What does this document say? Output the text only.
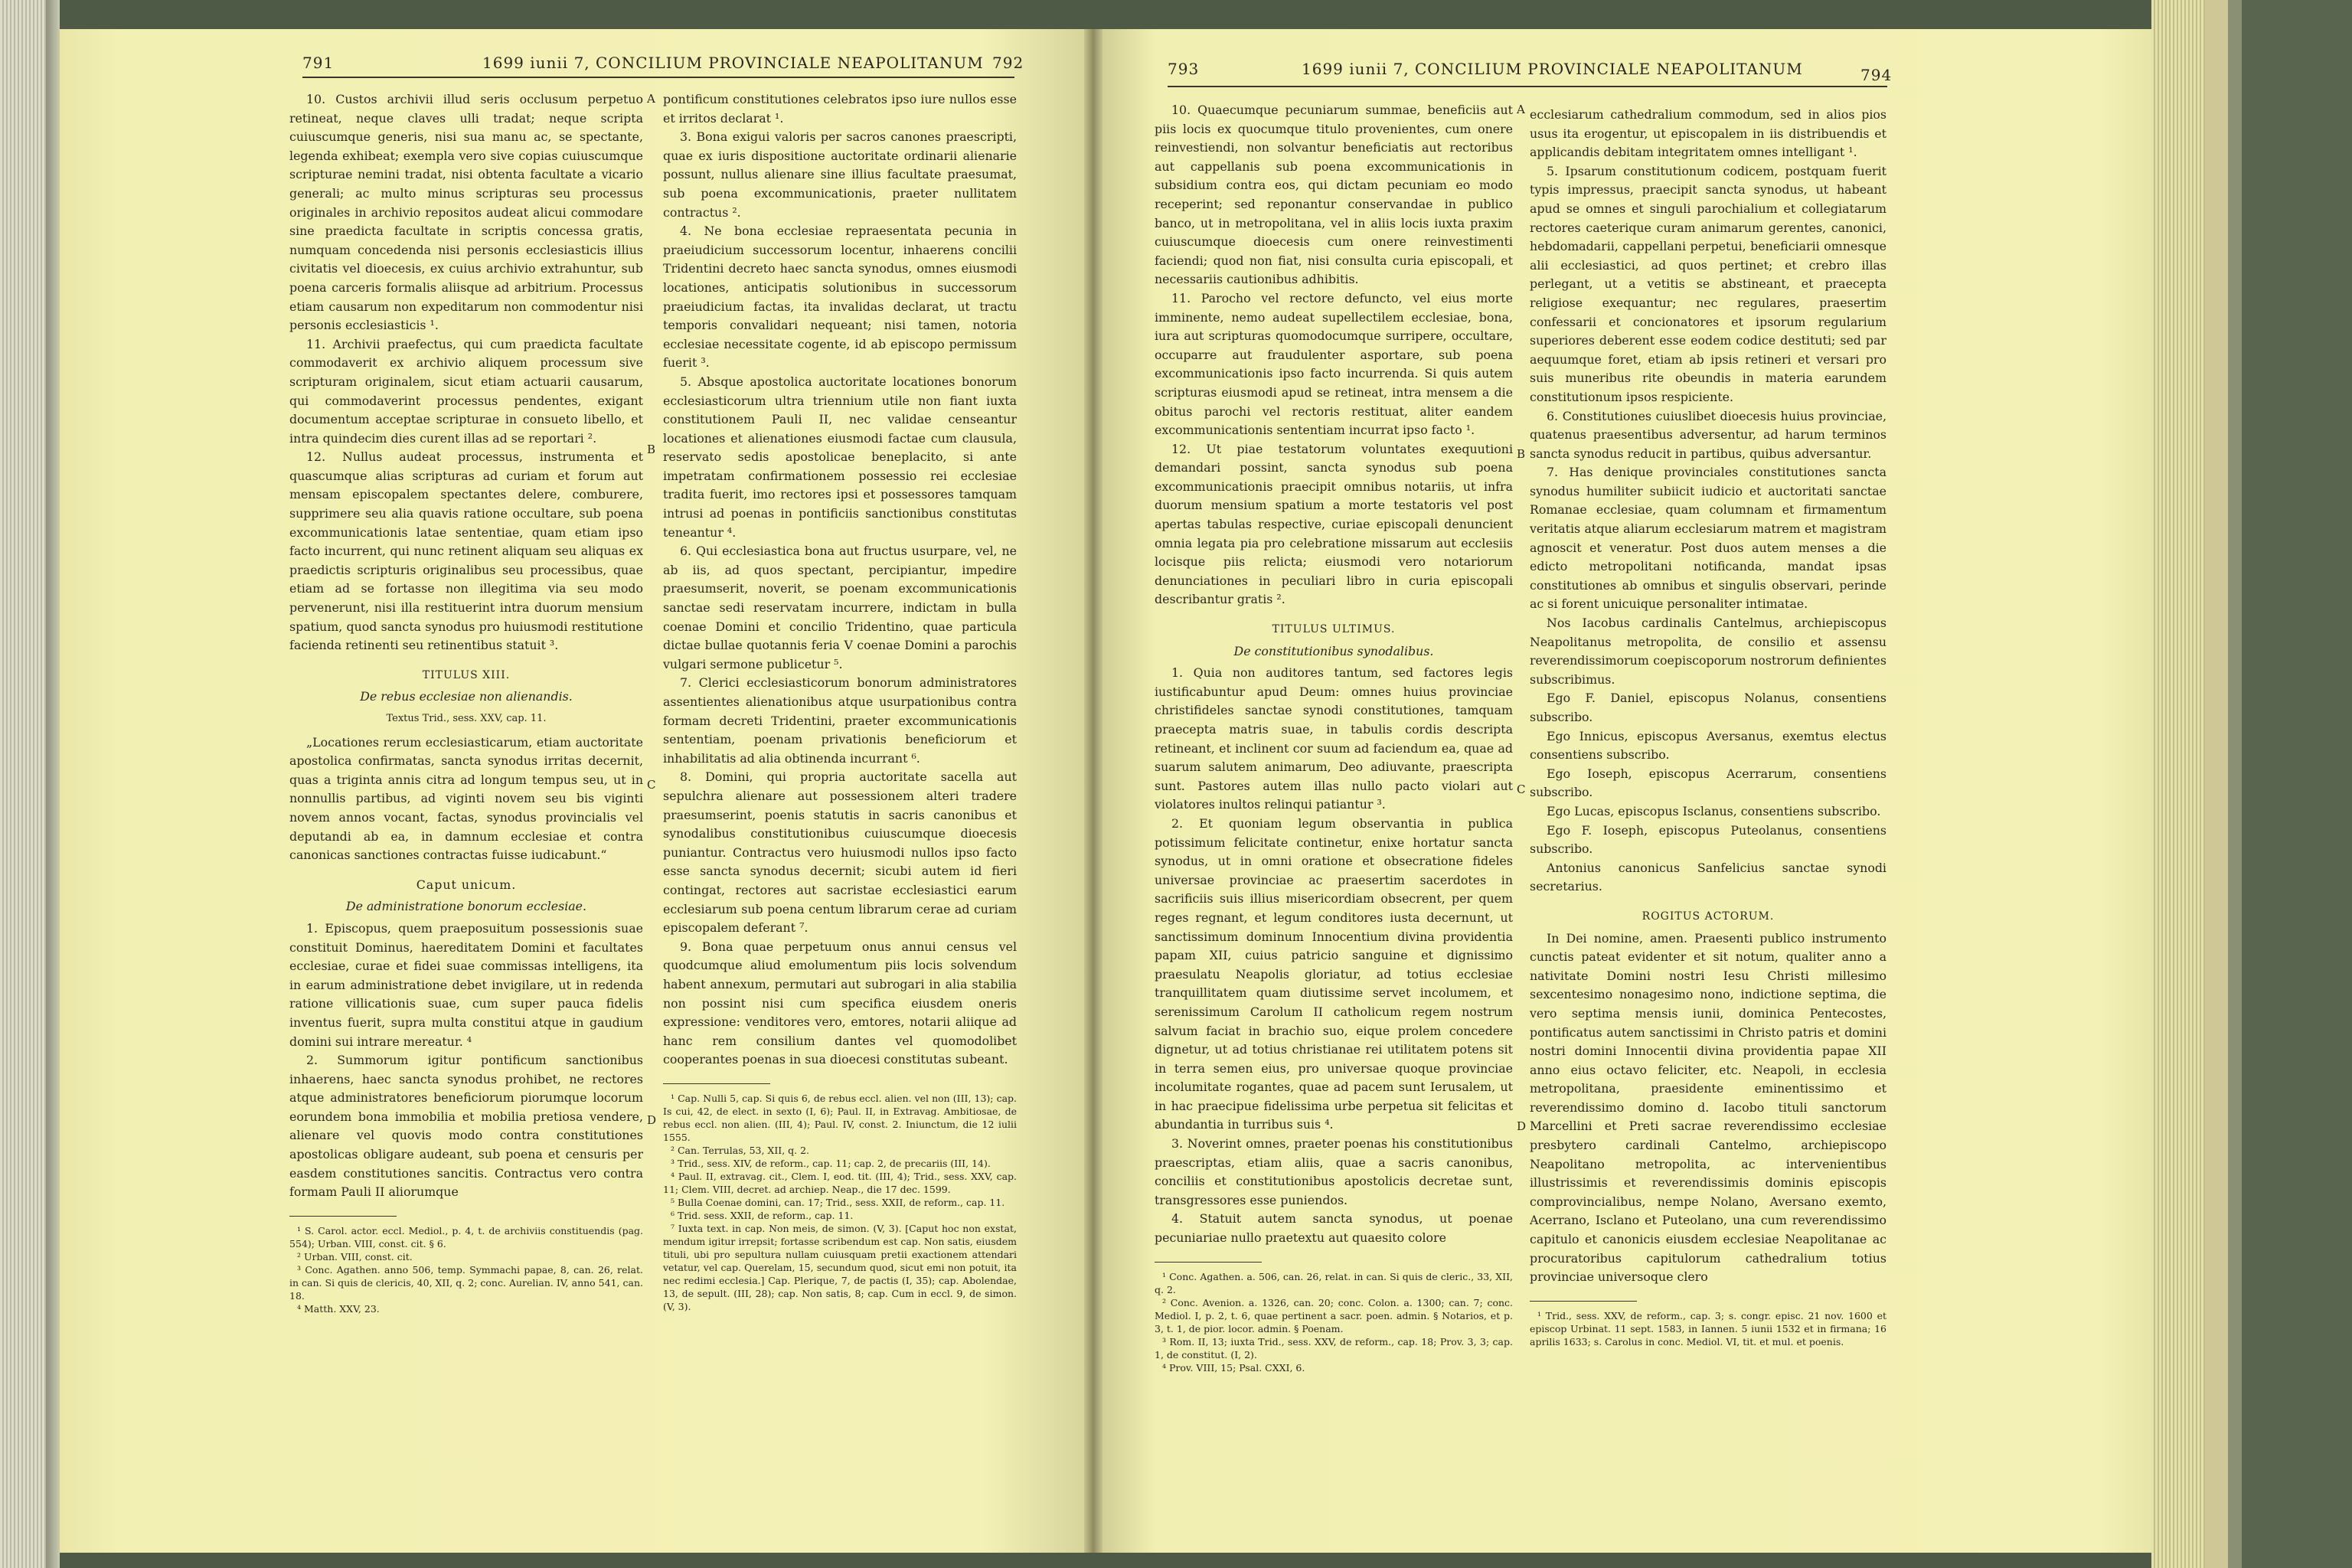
791	1699 iunii 7, CONCILIUM PROVINCIALE NEAPOLITANUM 792	793	1699 iunii 7, CONCILIUM PROVINCIALE NEAPOLITANUM	794
A
B
C
D
A
B
C
D

10. Custos archivii illud seris occlusum perpetuo retineat, neque claves ulli tradat; neque scripta cuiuscumque generis, nisi sua manu ac, se spectante, legenda exhibeat; exempla vero sive copias cuiuscumque scripturae nemini tradat, nisi obtenta facultate a vicario generali; ac multo minus scripturas seu processus originales in archivio repositos audeat alicui commodare sine praedicta facultate in scriptis concessa gratis, numquam concedenda nisi personis ecclesiasticis illius civitatis vel dioecesis, ex cuius archivio extrahuntur, sub poena carceris formalis aliisque ad arbitrium. Processus etiam causarum non expeditarum non commodentur nisi personis ecclesiasticis ¹.

11. Archivii praefectus, qui cum praedicta facultate commodaverit ex archivio aliquem processum sive scripturam originalem, sicut etiam actuarii causarum, qui commodaverint processus pendentes, exigant documentum acceptae scripturae in consueto libello, et intra quindecim dies curent illas ad se reportari ².

12. Nullus audeat processus, instrumenta et quascumque alias scripturas ad curiam et forum aut mensam episcopalem spectantes delere, comburere, supprimere seu alia quavis ratione occultare, sub poena excommunicationis latae sententiae, quam etiam ipso facto incurrent, qui nunc retinent aliquam seu aliquas ex praedictis scripturis originalibus seu processibus, quae etiam ad se fortasse non illegitima via seu modo pervenerunt, nisi illa restituerint intra duorum mensium spatium, quod sancta synodus pro huiusmodi restitutione facienda retinenti seu retinentibus statuit ³.

TITULUS XIII.

De rebus ecclesiae non alienandis.

Textus Trid., sess. XXV, cap. 11.

„Locationes rerum ecclesiasticarum, etiam auctoritate apostolica confirmatas, sancta synodus irritas decernit, quas a triginta annis citra ad longum tempus seu, ut in nonnullis partibus, ad viginti novem seu bis viginti novem annos vocant, factas, synodus provincialis vel deputandi ab ea, in damnum ecclesiae et contra canonicas sanctiones contractas fuisse iudicabunt.“

Caput unicum.

De administratione bonorum ecclesiae.

1. Episcopus, quem praeposuitum possessionis suae constituit Dominus, haereditatem Domini et facultates ecclesiae, curae et fidei suae commissas intelligens, ita in earum administratione debet invigilare, ut in redenda ratione villicationis suae, cum super pauca fidelis inventus fuerit, supra multa constitui atque in gaudium domini sui intrare mereatur. ⁴

2. Summorum igitur pontificum sanctionibus inhaerens, haec sancta synodus prohibet, ne rectores atque administratores beneficiorum piorumque locorum eorundem bona immobilia et mobilia pretiosa vendere, alienare vel quovis modo contra constitutiones apostolicas obligare audeant, sub poena et censuris per easdem constitutiones sancitis. Contractus vero contra formam Pauli II aliorumque

¹ S. Carol. actor. eccl. Mediol., p. 4, t. de archiviis constituendis (pag. 554); Urban. VIII, const. cit. § 6.

² Urban. VIII, const. cit.

³ Conc. Agathen. anno 506, temp. Symmachi papae, 8, can. 26, relat. in can. Si quis de clericis, 40, XII, q. 2; conc. Aurelian. IV, anno 541, can. 18.

⁴ Matth. XXV, 23.

pontificum constitutiones celebratos ipso iure nullos esse et irritos declarat ¹.

3. Bona exigui valoris per sacros canones praescripti, quae ex iuris dispositione auctoritate ordinarii alienarie possunt, nullus alienare sine illius facultate praesumat, sub poena excommunicationis, praeter nullitatem contractus ².

4. Ne bona ecclesiae repraesentata pecunia in praeiudicium successorum locentur, inhaerens concilii Tridentini decreto haec sancta synodus, omnes eiusmodi locationes, anticipatis solutionibus in successorum praeiudicium factas, ita invalidas declarat, ut tractu temporis convalidari nequeant; nisi tamen, notoria ecclesiae necessitate cogente, id ab episcopo permissum fuerit ³.

5. Absque apostolica auctoritate locationes bonorum ecclesiasticorum ultra triennium utile non fiant iuxta constitutionem Pauli II, nec validae censeantur locationes et alienationes eiusmodi factae cum clausula, reservato sedis apostolicae beneplacito, si ante impetratam confirmationem possessio rei ecclesiae tradita fuerit, imo rectores ipsi et possessores tamquam intrusi ad poenas in pontificiis sanctionibus constitutas teneantur ⁴.

6. Qui ecclesiastica bona aut fructus usurpare, vel, ne ab iis, ad quos spectant, percipiantur, impedire praesumserit, noverit, se poenam excommunicationis sanctae sedi reservatam incurrere, indictam in bulla coenae Domini et concilio Tridentino, quae particula dictae bullae quotannis feria V coenae Domini a parochis vulgari sermone publicetur ⁵.

7. Clerici ecclesiasticorum bonorum administratores assentientes alienationibus atque usurpationibus contra formam decreti Tridentini, praeter excommunicationis sententiam, poenam privationis beneficiorum et inhabilitatis ad alia obtinenda incurrant ⁶.

8. Domini, qui propria auctoritate sacella aut sepulchra alienare aut possessionem alteri tradere praesumserint, poenis statutis in sacris canonibus et synodalibus constitutionibus cuiuscumque dioecesis puniantur. Contractus vero huiusmodi nullos ipso facto esse sancta synodus decernit; sicubi autem id fieri contingat, rectores aut sacristae ecclesiastici earum ecclesiarum sub poena centum librarum cerae ad curiam episcopalem deferant ⁷.

9. Bona quae perpetuum onus annui census vel quodcumque aliud emolumentum piis locis solvendum habent annexum, permutari aut subrogari in alia stabilia non possint nisi cum specifica eiusdem oneris expressione: venditores vero, emtores, notarii aliique ad hanc rem consilium dantes vel quomodolibet cooperantes poenas in sua dioecesi constitutas subeant.

¹ Cap. Nulli 5, cap. Si quis 6, de rebus eccl. alien. vel non (III, 13); cap. Is cui, 42, de elect. in sexto (I, 6); Paul. II, in Extravag. Ambitiosae, de rebus eccl. non alien. (III, 4); Paul. IV, const. 2. Iniunctum, die 12 iulii 1555.

² Can. Terrulas, 53, XII, q. 2.

³ Trid., sess. XIV, de reform., cap. 11; cap. 2, de precariis (III, 14).

⁴ Paul. II, extravag. cit., Clem. I, eod. tit. (III, 4); Trid., sess. XXV, cap. 11; Clem. VIII, decret. ad archiep. Neap., die 17 dec. 1599.

⁵ Bulla Coenae domini, can. 17; Trid., sess. XXII, de reform., cap. 11.

⁶ Trid. sess. XXII, de reform., cap. 11.

⁷ Iuxta text. in cap. Non meis, de simon. (V, 3). [Caput hoc non exstat, mendum igitur irrepsit; fortasse scribendum est cap. Non satis, eiusdem tituli, ubi pro sepultura nullam cuiusquam pretii exactionem attendari vetatur, vel cap. Querelam, 15, secundum quod, sicut emi non potuit, ita nec redimi ecclesia.] Cap. Plerique, 7, de pactis (I, 35); cap. Abolendae, 13, de sepult. (III, 28); cap. Non satis, 8; cap. Cum in eccl. 9, de simon. (V, 3).

10. Quaecumque pecuniarum summae, beneficiis aut piis locis ex quocumque titulo provenientes, cum onere reinvestiendi, non solvantur beneficiatis aut rectoribus aut cappellanis sub poena excommunicationis in subsidium contra eos, qui dictam pecuniam eo modo receperint; sed reponantur conservandae in publico banco, ut in metropolitana, vel in aliis locis iuxta praxim cuiuscumque dioecesis cum onere reinvestimenti faciendi; quod non fiat, nisi consulta curia episcopali, et necessariis cautionibus adhibitis.

11. Parocho vel rectore defuncto, vel eius morte imminente, nemo audeat supellectilem ecclesiae, bona, iura aut scripturas quomodocumque surripere, occultare, occuparre aut fraudulenter asportare, sub poena excommunicationis ipso facto incurrenda. Si quis autem scripturas eiusmodi apud se retineat, intra mensem a die obitus parochi vel rectoris restituat, aliter eandem excommunicationis sententiam incurrat ipso facto ¹.

12. Ut piae testatorum voluntates exequutioni demandari possint, sancta synodus sub poena excommunicationis praecipit omnibus notariis, ut infra duorum mensium spatium a morte testatoris vel post apertas tabulas respective, curiae episcopali denuncient omnia legata pia pro celebratione missarum aut ecclesiis locisque piis relicta; eiusmodi vero notariorum denunciationes in peculiari libro in curia episcopali describantur gratis ².

TITULUS ULTIMUS.

De constitutionibus synodalibus.

1. Quia non auditores tantum, sed factores legis iustificabuntur apud Deum: omnes huius provinciae christifideles sanctae synodi constitutiones, tamquam praecepta matris suae, in tabulis cordis descripta retineant, et inclinent cor suum ad faciendum ea, quae ad suarum salutem animarum, Deo adiuvante, praescripta sunt. Pastores autem illas nullo pacto violari aut violatores inultos relinqui patiantur ³.

2. Et quoniam legum observantia in publica potissimum felicitate continetur, enixe hortatur sancta synodus, ut in omni oratione et obsecratione fideles universae provinciae ac praesertim sacerdotes in sacrificiis suis illius misericordiam obsecrent, per quem reges regnant, et legum conditores iusta decernunt, ut sanctissimum dominum Innocentium divina providentia papam XII, cuius patricio sanguine et dignissimo praesulatu Neapolis gloriatur, ad totius ecclesiae tranquillitatem quam diutissime servet incolumem, et serenissimum Carolum II catholicum regem nostrum salvum faciat in brachio suo, eique prolem concedere dignetur, ut ad totius christianae rei utilitatem potens sit in terra semen eius, pro universae quoque provinciae incolumitate rogantes, quae ad pacem sunt Ierusalem, ut in hac praecipue fidelissima urbe perpetua sit felicitas et abundantia in turribus suis ⁴.

3. Noverint omnes, praeter poenas his constitutionibus praescriptas, etiam aliis, quae a sacris canonibus, conciliis et constitutionibus apostolicis decretae sunt, transgressores esse puniendos.

4. Statuit autem sancta synodus, ut poenae pecuniariae nullo praetextu aut quaesito colore

¹ Conc. Agathen. a. 506, can. 26, relat. in can. Si quis de cleric., 33, XII, q. 2.

² Conc. Avenion. a. 1326, can. 20; conc. Colon. a. 1300; can. 7; conc. Mediol. I, p. 2, t. 6, quae pertinent a sacr. poen. admin. § Notarios, et p. 3, t. 1, de pior. locor. admin. § Poenam.

³ Rom. II, 13; iuxta Trid., sess. XXV, de reform., cap. 18; Prov. 3, 3; cap. 1, de constitut. (I, 2).

⁴ Prov. VIII, 15; Psal. CXXI, 6.

ecclesiarum cathedralium commodum, sed in alios pios usus ita erogentur, ut episcopalem in iis distribuendis et applicandis debitam integritatem omnes intelligant ¹.

5. Ipsarum constitutionum codicem, postquam fuerit typis impressus, praecipit sancta synodus, ut habeant apud se omnes et singuli parochialium et collegiatarum rectores caeterique curam animarum gerentes, canonici, hebdomadarii, cappellani perpetui, beneficiarii omnesque alii ecclesiastici, ad quos pertinet; et crebro illas perlegant, ut a vetitis se abstineant, et praecepta religiose exequantur; nec regulares, praesertim confessarii et concionatores et ipsorum regularium superiores deberent esse eodem codice destituti; sed par aequumque foret, etiam ab ipsis retineri et versari pro suis muneribus rite obeundis in materia earundem constitutionum ipsos respiciente.

6. Constitutiones cuiuslibet dioecesis huius provinciae, quatenus praesentibus adversentur, ad harum terminos sancta synodus reducit in partibus, quibus adversantur.

7. Has denique provinciales constitutiones sancta synodus humiliter subiicit iudicio et auctoritati sanctae Romanae ecclesiae, quam columnam et firmamentum veritatis atque aliarum ecclesiarum matrem et magistram agnoscit et veneratur. Post duos autem menses a die edicto metropolitani notificanda, mandat ipsas constitutiones ab omnibus et singulis observari, perinde ac si forent unicuique personaliter intimatae.

Nos Iacobus cardinalis Cantelmus, archiepiscopus Neapolitanus metropolita, de consilio et assensu reverendissimorum coepiscoporum nostrorum definientes subscribimus.

Ego F. Daniel, episcopus Nolanus, consentiens subscribo.

Ego Innicus, episcopus Aversanus, exemtus electus consentiens subscribo.

Ego Ioseph, episcopus Acerrarum, consentiens subscribo.

Ego Lucas, episcopus Isclanus, consentiens subscribo.

Ego F. Ioseph, episcopus Puteolanus, consentiens subscribo.

Antonius canonicus Sanfelicius sanctae synodi secretarius.

ROGITUS ACTORUM.

In Dei nomine, amen. Praesenti publico instrumento cunctis pateat evidenter et sit notum, qualiter anno a nativitate Domini nostri Iesu Christi millesimo sexcentesimo nonagesimo nono, indictione septima, die vero septima mensis iunii, dominica Pentecostes, pontificatus autem sanctissimi in Christo patris et domini nostri domini Innocentii divina providentia papae XII anno eius octavo feliciter, etc. Neapoli, in ecclesia metropolitana, praesidente eminentissimo et reverendissimo domino d. Iacobo tituli sanctorum Marcellini et Preti sacrae reverendissimo ecclesiae presbytero cardinali Cantelmo, archiepiscopo Neapolitano metropolita, ac intervenientibus illustrissimis et reverendissimis dominis episcopis comprovincialibus, nempe Nolano, Aversano exemto, Acerrano, Isclano et Puteolano, una cum reverendissimo capitulo et canonicis eiusdem ecclesiae Neapolitanae ac procuratoribus capitulorum cathedralium totius provinciae universoque clero

¹ Trid., sess. XXV, de reform., cap. 3; s. congr. episc. 21 nov. 1600 et episcop Urbinat. 11 sept. 1583, in Iannen. 5 iunii 1532 et in firmana; 16 aprilis 1633; s. Carolus in conc. Mediol. VI, tit. et mul. et poenis.
